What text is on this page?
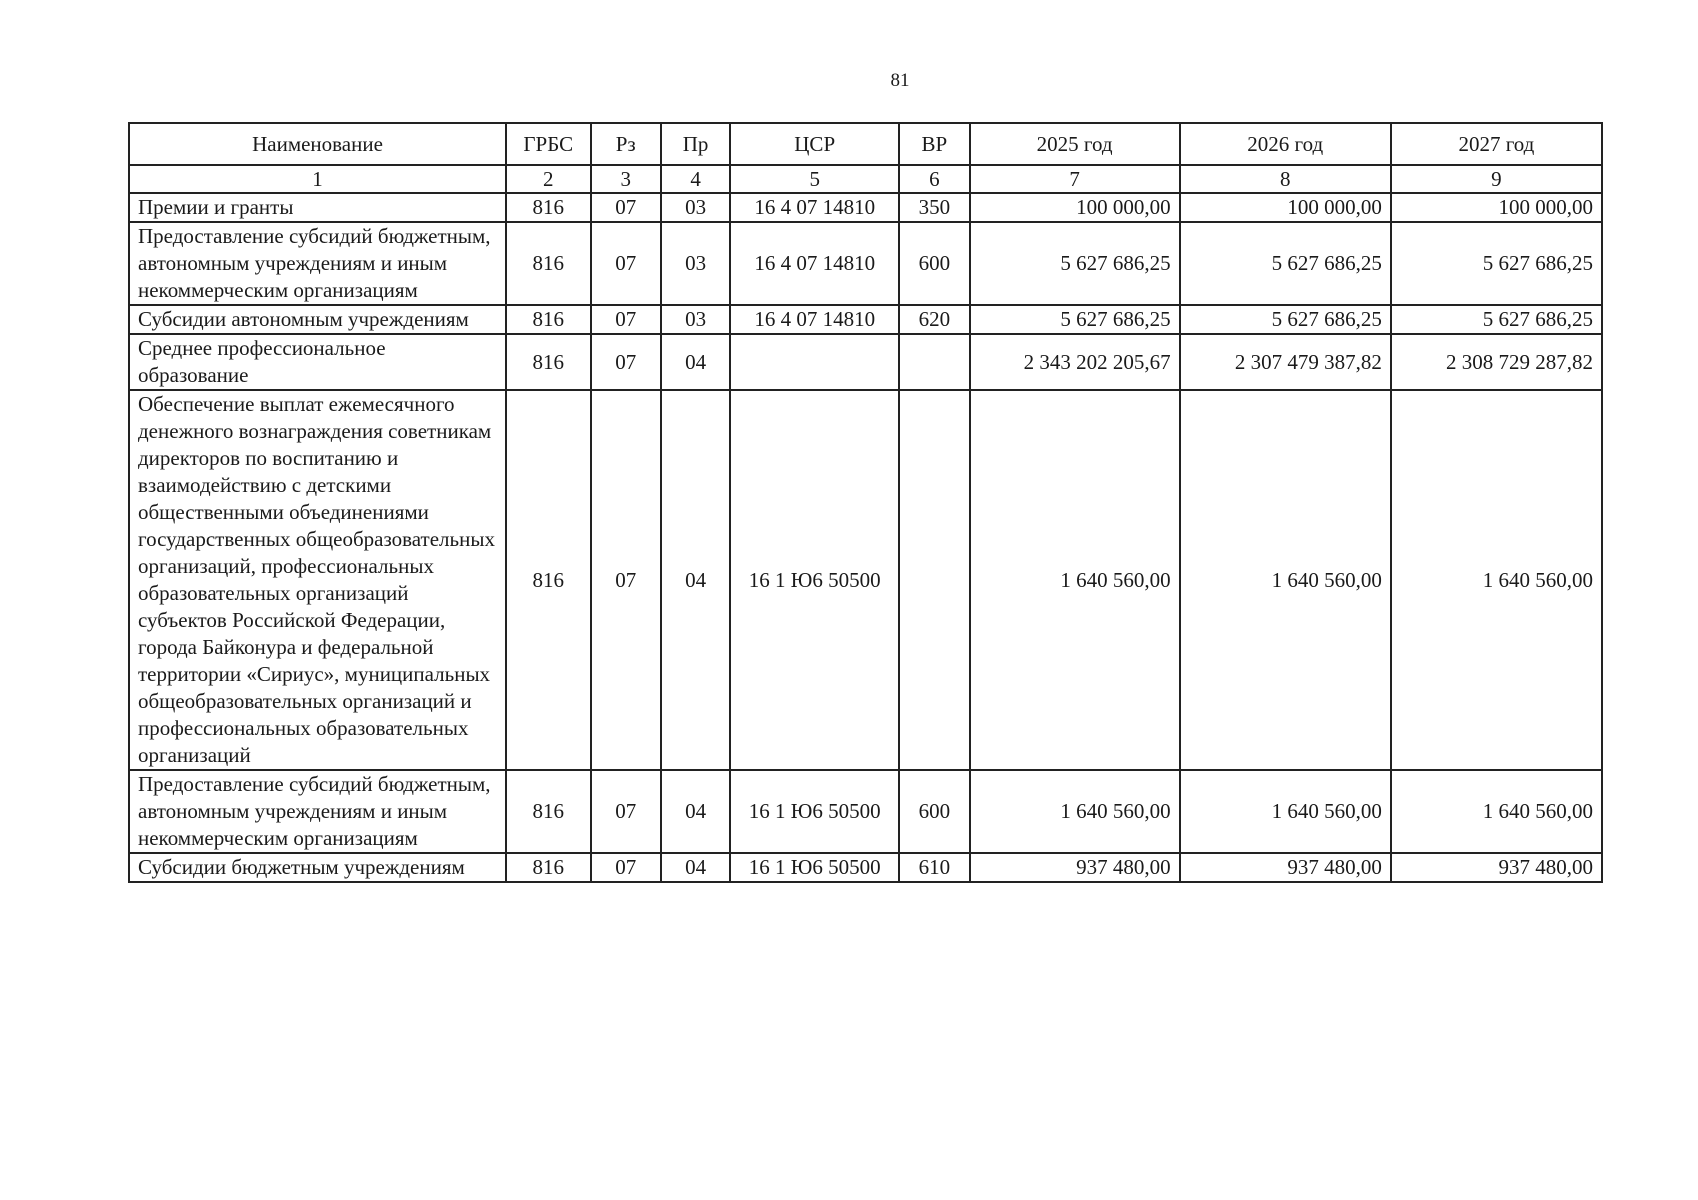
81
Наименование	ГРБС	Рз	Пр	ЦСР	ВР	2025 год	2026 год	2027 год
1	2	3	4	5	6	7	8	9
Премии и гранты	816	07	03	16 4 07 14810	350	100 000,00	100 000,00	100 000,00
Предоставление субсидий бюджетным, автономным учреждениям и иным некоммерческим организациям	816	07	03	16 4 07 14810	600	5 627 686,25	5 627 686,25	5 627 686,25
Субсидии автономным учреждениям	816	07	03	16 4 07 14810	620	5 627 686,25	5 627 686,25	5 627 686,25
Среднее профессиональное образование	816	07	04			2 343 202 205,67	2 307 479 387,82	2 308 729 287,82
Обеспечение выплат ежемесячного денежного вознаграждения советникам директоров по воспитанию и взаимодействию с детскими общественными объединениями государственных общеобразовательных организаций, профессиональных образовательных организаций субъектов Российской Федерации, города Байконура и федеральной территории «Сириус», муниципальных общеобразовательных организаций и профессиональных образовательных организаций	816	07	04	16 1 Ю6 50500		1 640 560,00	1 640 560,00	1 640 560,00
Предоставление субсидий бюджетным, автономным учреждениям и иным некоммерческим организациям	816	07	04	16 1 Ю6 50500	600	1 640 560,00	1 640 560,00	1 640 560,00
Субсидии бюджетным учреждениям	816	07	04	16 1 Ю6 50500	610	937 480,00	937 480,00	937 480,00
